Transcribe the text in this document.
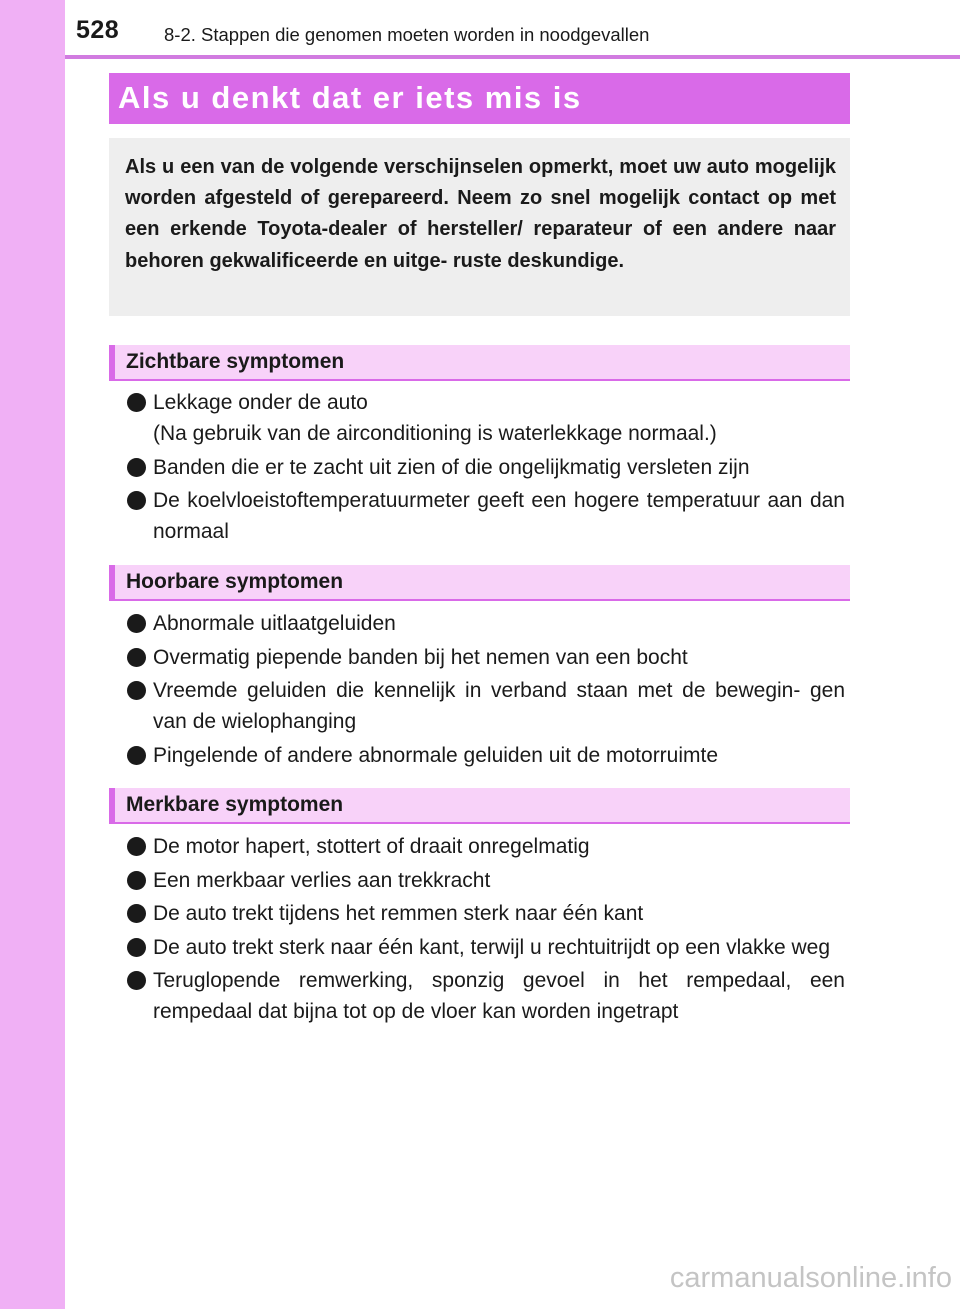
528 8-2. Stappen die genomen moeten worden in noodgevallen
Als u denkt dat er iets mis is
Als u een van de volgende verschijnselen opmerkt, moet uw auto mogelijk worden afgesteld of gerepareerd. Neem zo snel mogelijk contact op met een erkende Toyota-dealer of hersteller/ reparateur of een andere naar behoren gekwalificeerde en uitge- ruste deskundige.
Zichtbare symptomen
Lekkage onder de auto
(Na gebruik van de airconditioning is waterlekkage normaal.)
Banden die er te zacht uit zien of die ongelijkmatig versleten zijn
De koelvloeistoftemperatuurmeter geeft een hogere temperatuur aan dan normaal
Hoorbare symptomen
Abnormale uitlaatgeluiden
Overmatig piepende banden bij het nemen van een bocht
Vreemde geluiden die kennelijk in verband staan met de bewegin- gen van de wielophanging
Pingelende of andere abnormale geluiden uit de motorruimte
Merkbare symptomen
De motor hapert, stottert of draait onregelmatig
Een merkbaar verlies aan trekkracht
De auto trekt tijdens het remmen sterk naar één kant
De auto trekt sterk naar één kant, terwijl u rechtuitrijdt op een vlakke weg
Teruglopende remwerking, sponzig gevoel in het rempedaal, een rempedaal dat bijna tot op de vloer kan worden ingetrapt
carmanualsonline.info
